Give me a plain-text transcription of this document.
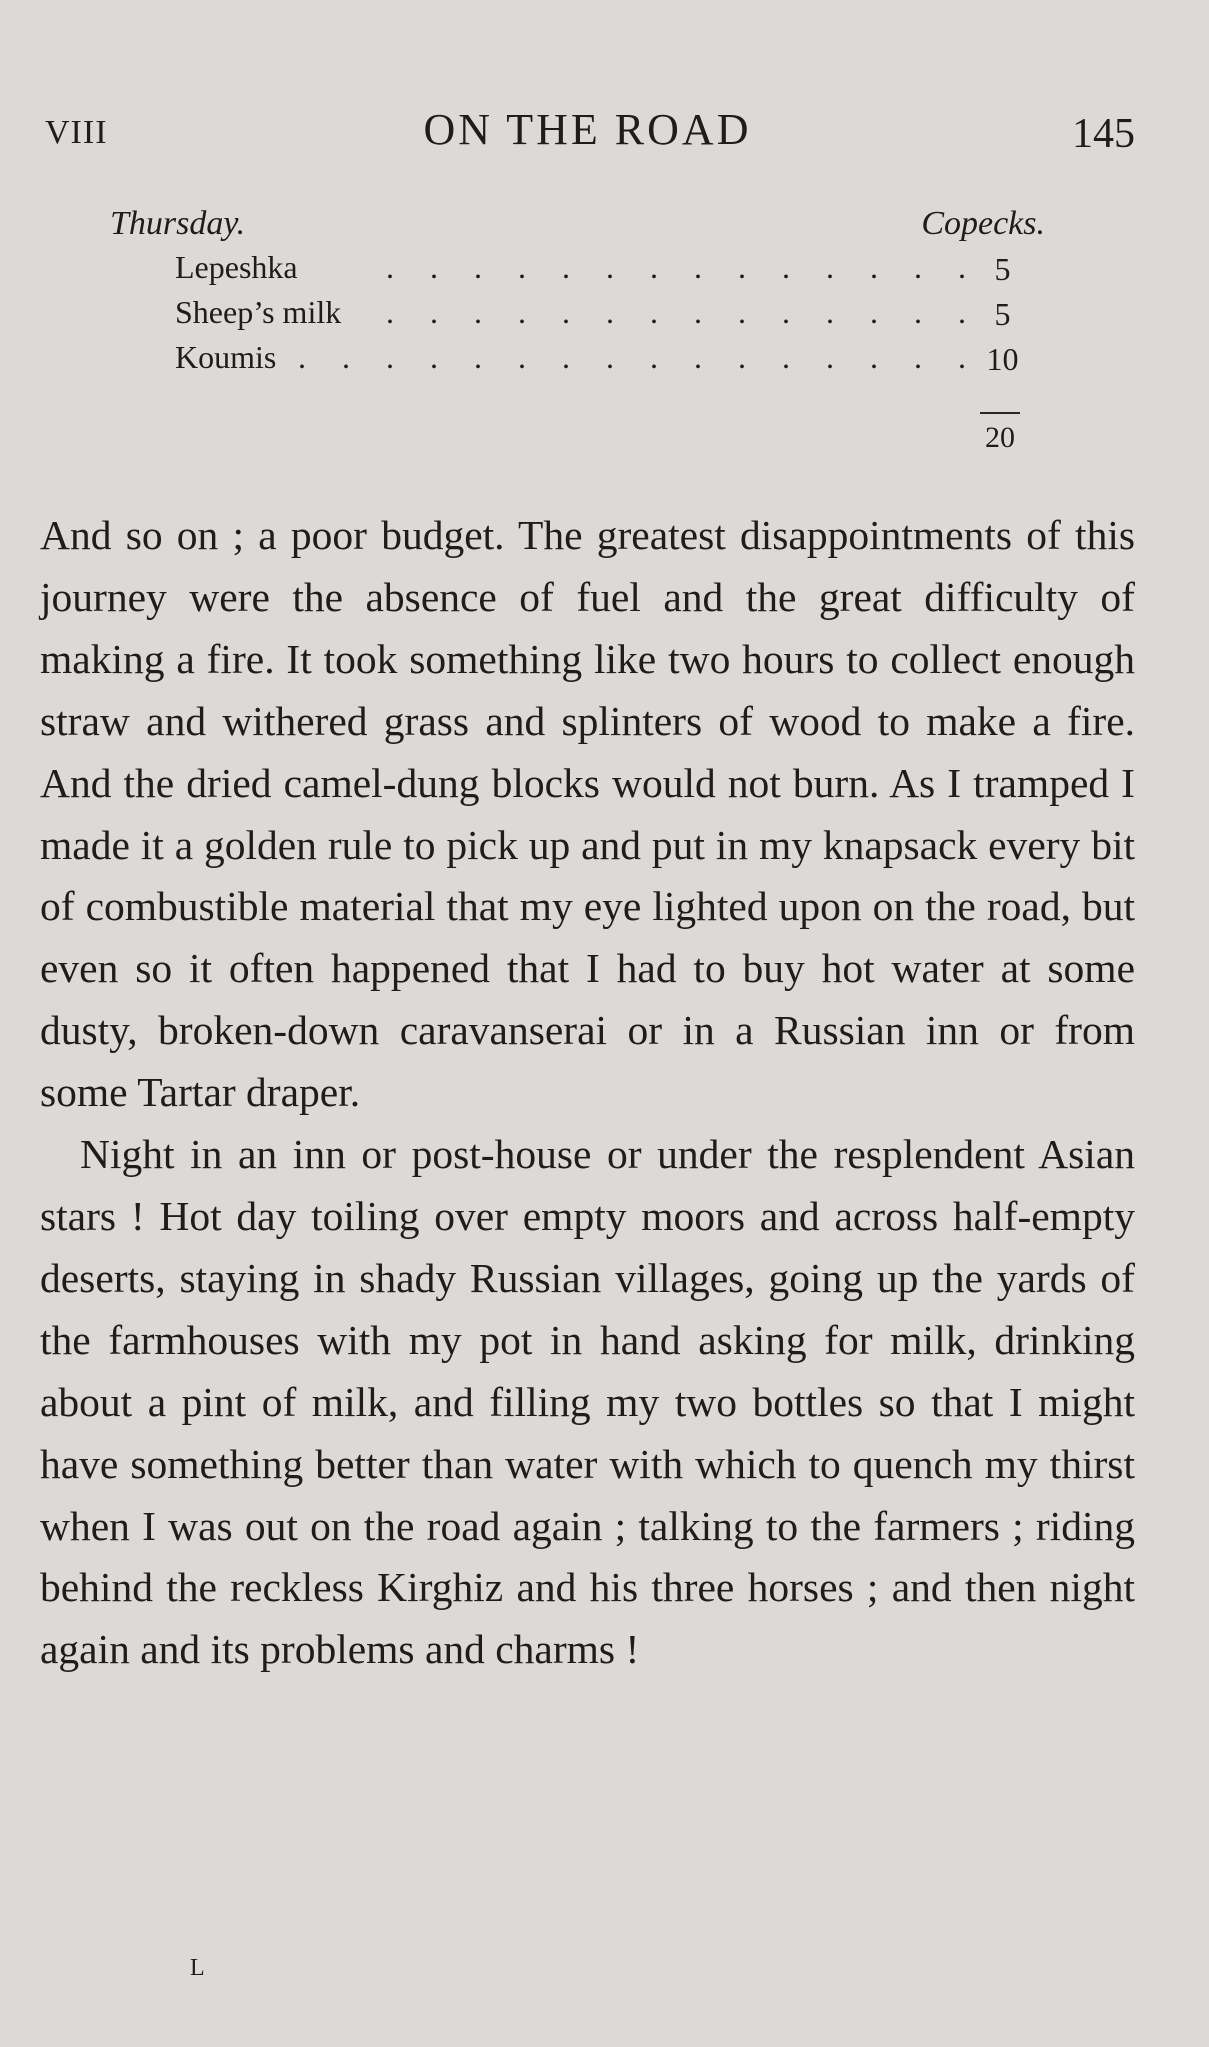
VIII	ON THE ROAD	145
Thursday.	Copecks.
. . . . . . . . . . . . . .
Lepeshka	5
. . . . . . . . . . . . . .
Sheep’s milk	5
. . . . . . . . . . . . . . . .
Koumis	10
20

And so on ; a poor budget. The greatest disappointments of this journey were the absence of fuel and the great difficulty of making a fire. It took something like two hours to collect enough straw and withered grass and splinters of wood to make a fire. And the dried camel-dung blocks would not burn. As I tramped I made it a golden rule to pick up and put in my knapsack every bit of combustible material that my eye lighted upon on the road, but even so it often happened that I had to buy hot water at some dusty, broken-down caravanserai or in a Russian inn or from some Tartar draper.

Night in an inn or post-house or under the resplendent Asian stars ! Hot day toiling over empty moors and across half-empty deserts, staying in shady Russian villages, going up the yards of the farmhouses with my pot in hand asking for milk, drinking about a pint of milk, and filling my two bottles so that I might have something better than water with which to quench my thirst when I was out on the road again ; talking to the farmers ; riding behind the reckless Kirghiz and his three horses ; and then night again and its problems and charms !

L
